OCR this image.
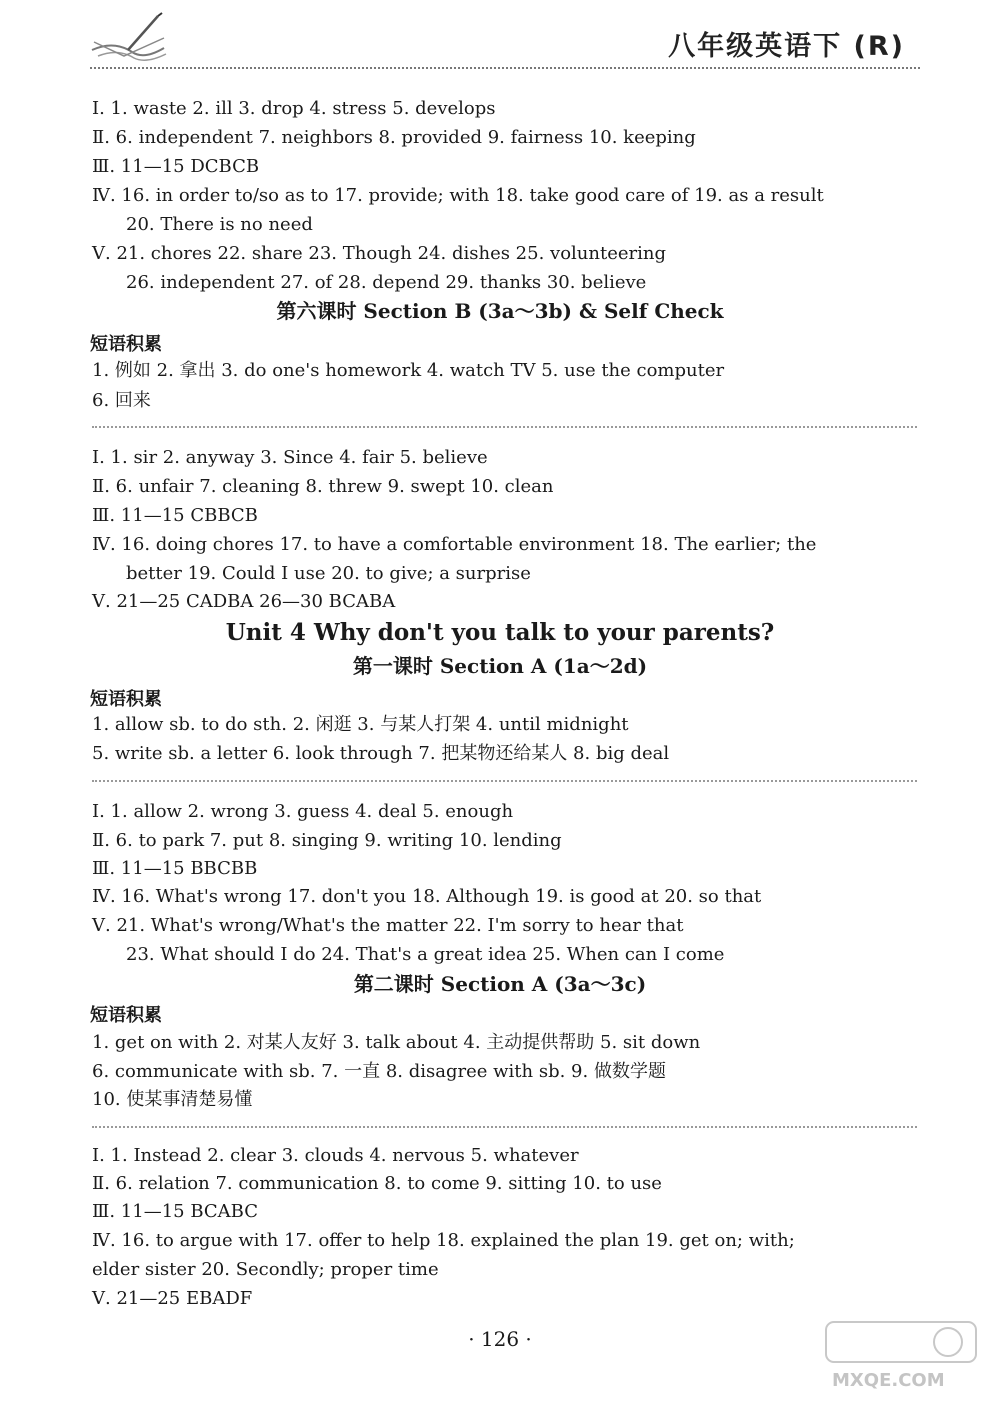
八年级英语下 (R)
Ⅰ. 1. waste 2. ill 3. drop 4. stress 5. develops
Ⅱ. 6. independent 7. neighbors 8. provided 9. fairness 10. keeping
Ⅲ. 11—15 DCBCB
Ⅳ. 16. in order to/so as to 17. provide; with 18. take good care of 19. as a result
20. There is no need
Ⅴ. 21. chores 22. share 23. Though 24. dishes 25. volunteering
26. independent 27. of 28. depend 29. thanks 30. believe
第六课时 Section B (3a～3b) & Self Check
短语积累
1. 例如 2. 拿出 3. do one's homework 4. watch TV 5. use the computer
6. 回来
Ⅰ. 1. sir 2. anyway 3. Since 4. fair 5. believe
Ⅱ. 6. unfair 7. cleaning 8. threw 9. swept 10. clean
Ⅲ. 11—15 CBBCB
Ⅳ. 16. doing chores 17. to have a comfortable environment 18. The earlier; the
better 19. Could I use 20. to give; a surprise
Ⅴ. 21—25 CADBA 26—30 BCABA
Unit 4 Why don't you talk to your parents?
第一课时 Section A (1a～2d)
短语积累
1. allow sb. to do sth. 2. 闲逛 3. 与某人打架 4. until midnight
5. write sb. a letter 6. look through 7. 把某物还给某人 8. big deal
Ⅰ. 1. allow 2. wrong 3. guess 4. deal 5. enough
Ⅱ. 6. to park 7. put 8. singing 9. writing 10. lending
Ⅲ. 11—15 BBCBB
Ⅳ. 16. What's wrong 17. don't you 18. Although 19. is good at 20. so that
Ⅴ. 21. What's wrong/What's the matter 22. I'm sorry to hear that
23. What should I do 24. That's a great idea 25. When can I come
第二课时 Section A (3a～3c)
短语积累
1. get on with 2. 对某人友好 3. talk about 4. 主动提供帮助 5. sit down
6. communicate with sb. 7. 一直 8. disagree with sb. 9. 做数学题
10. 使某事清楚易懂
Ⅰ. 1. Instead 2. clear 3. clouds 4. nervous 5. whatever
Ⅱ. 6. relation 7. communication 8. to come 9. sitting 10. to use
Ⅲ. 11—15 BCABC
Ⅳ. 16. to argue with 17. offer to help 18. explained the plan 19. get on; with;
elder sister 20. Secondly; proper time
Ⅴ. 21—25 EBADF
· 126 ·
MXQE.COM
